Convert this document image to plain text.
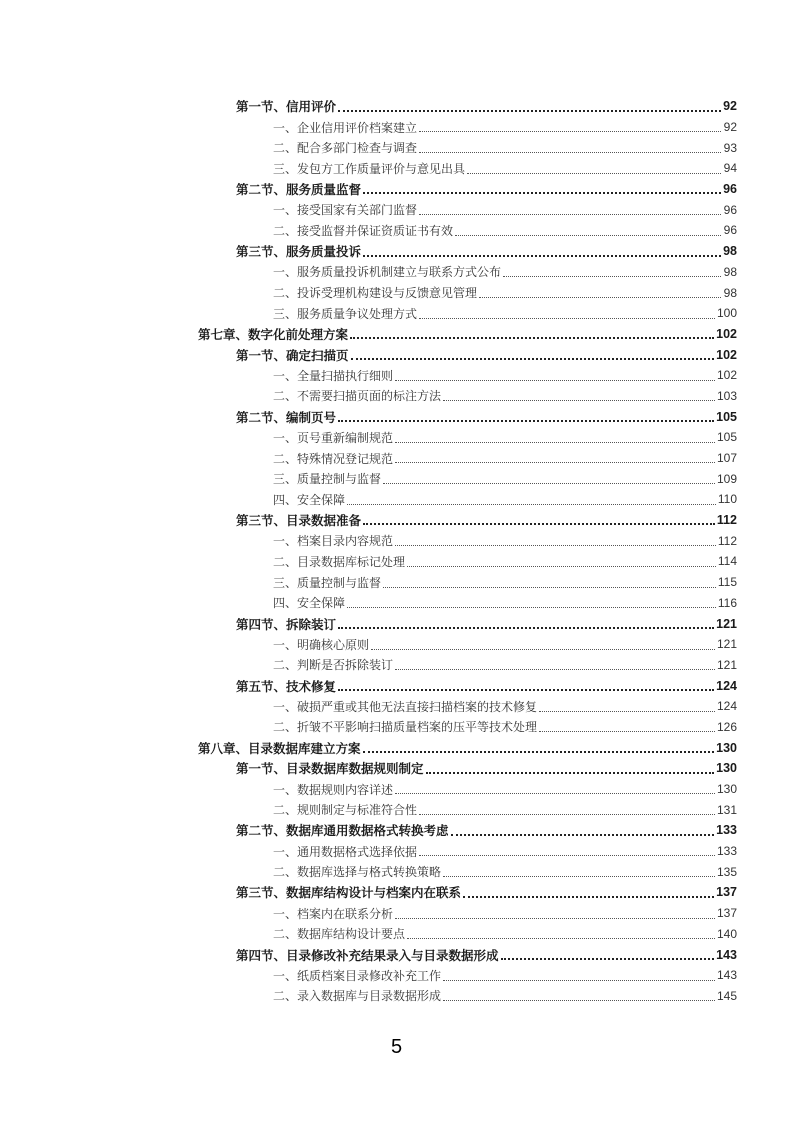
第一节、信用评价	92
一、企业信用评价档案建立	92
二、配合多部门检查与调查	93
三、发包方工作质量评价与意见出具	94
第二节、服务质量监督	96
一、接受国家有关部门监督	96
二、接受监督并保证资质证书有效	96
第三节、服务质量投诉	98
一、服务质量投诉机制建立与联系方式公布	98
二、投诉受理机构建设与反馈意见管理	98
三、服务质量争议处理方式	100
第七章、数字化前处理方案	102
第一节、确定扫描页	102
一、全量扫描执行细则	102
二、不需要扫描页面的标注方法	103
第二节、编制页号	105
一、页号重新编制规范	105
二、特殊情况登记规范	107
三、质量控制与监督	109
四、安全保障	110
第三节、目录数据准备	112
一、档案目录内容规范	112
二、目录数据库标记处理	114
三、质量控制与监督	115
四、安全保障	116
第四节、拆除装订	121
一、明确核心原则	121
二、判断是否拆除装订	121
第五节、技术修复	124
一、破损严重或其他无法直接扫描档案的技术修复	124
二、折皱不平影响扫描质量档案的压平等技术处理	126
第八章、目录数据库建立方案	130
第一节、目录数据库数据规则制定	130
一、数据规则内容详述	130
二、规则制定与标准符合性	131
第二节、数据库通用数据格式转换考虑	133
一、通用数据格式选择依据	133
二、数据库选择与格式转换策略	135
第三节、数据库结构设计与档案内在联系	137
一、档案内在联系分析	137
二、数据库结构设计要点	140
第四节、目录修改补充结果录入与目录数据形成	143
一、纸质档案目录修改补充工作	143
二、录入数据库与目录数据形成	145
5
